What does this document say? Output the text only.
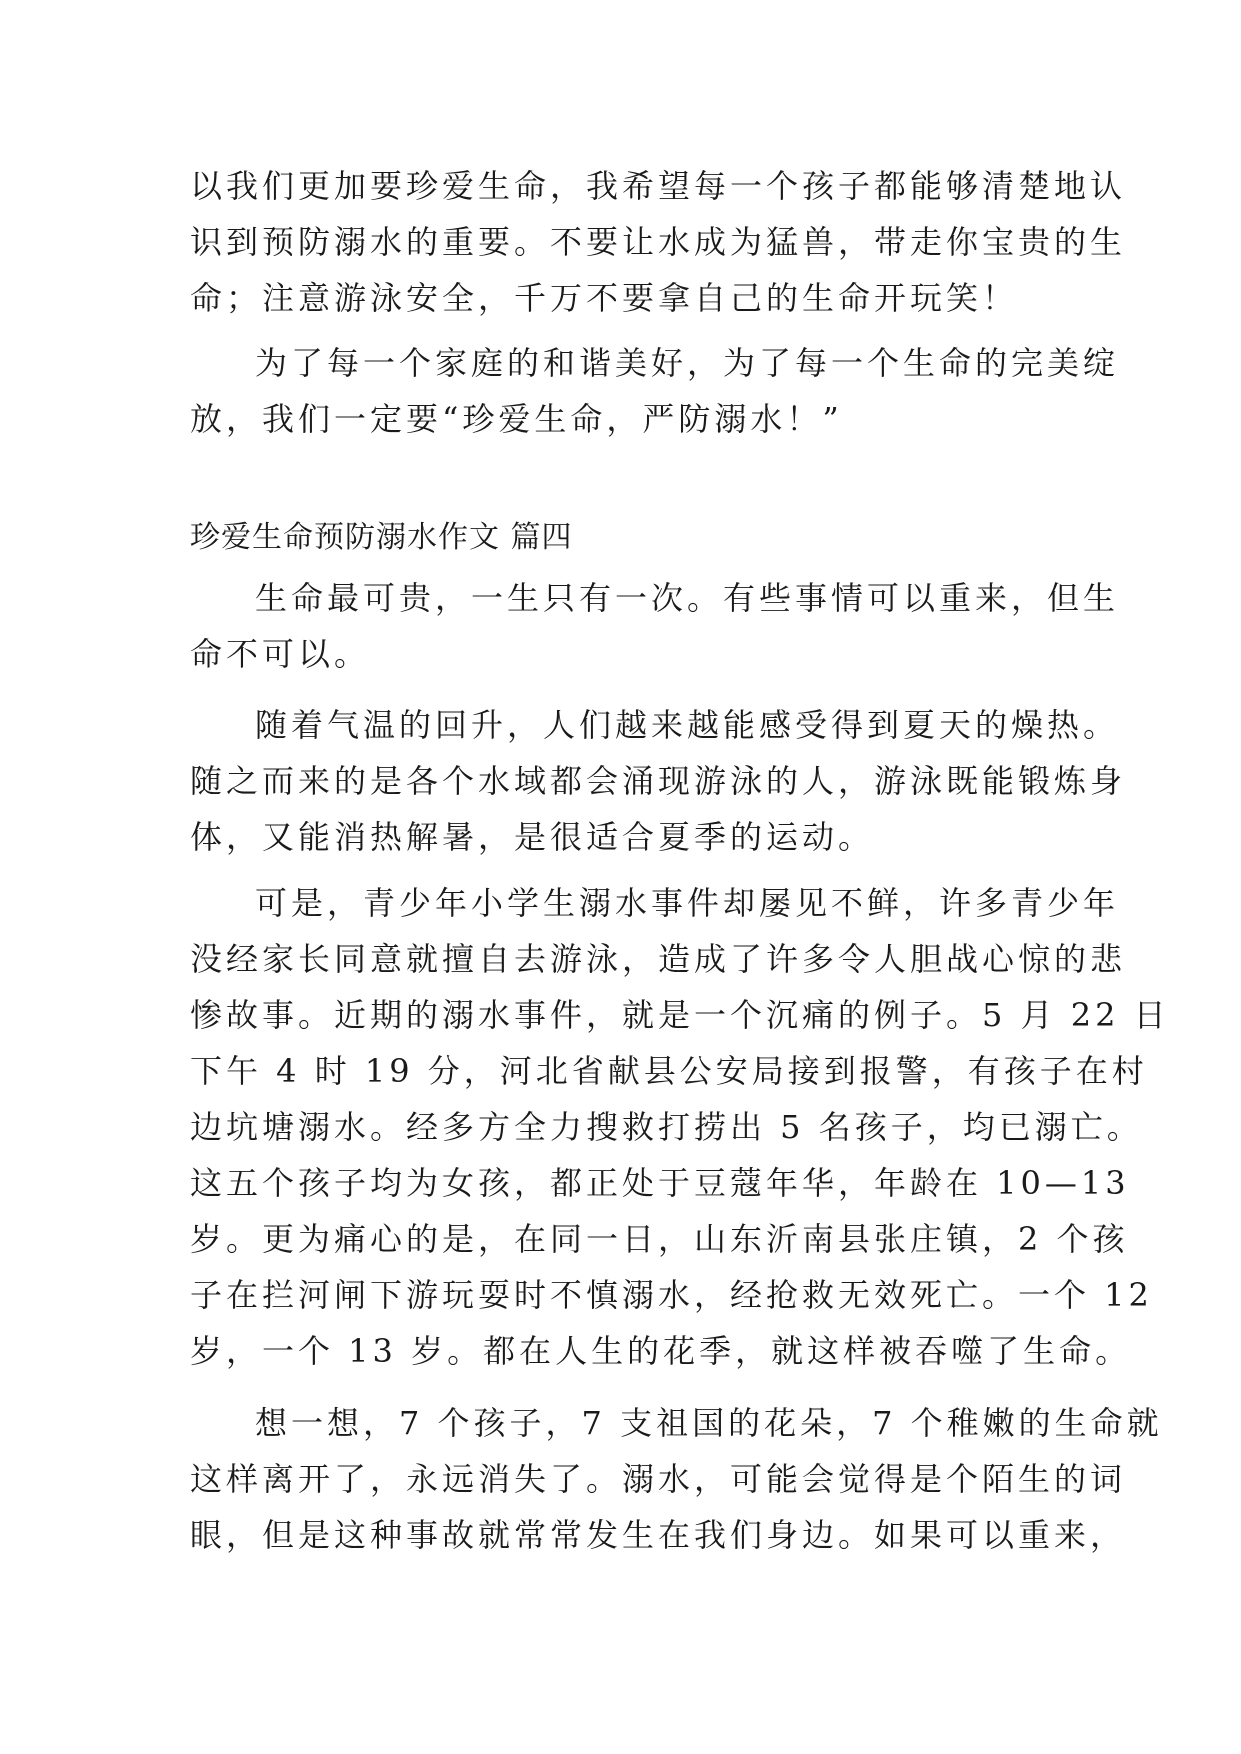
以我们更加要珍爱生命，我希望每一个孩子都能够清楚地认
识到预防溺水的重要。不要让水成为猛兽，带走你宝贵的生
命；注意游泳安全，千万不要拿自己的生命开玩笑！
为了每一个家庭的和谐美好，为了每一个生命的完美绽
放，我们一定要“珍爱生命，严防溺水！”
珍爱生命预防溺水作文 篇四
生命最可贵，一生只有一次。有些事情可以重来，但生
命不可以。
随着气温的回升，人们越来越能感受得到夏天的燥热。
随之而来的是各个水域都会涌现游泳的人，游泳既能锻炼身
体，又能消热解暑，是很适合夏季的运动。
可是，青少年小学生溺水事件却屡见不鲜，许多青少年
没经家长同意就擅自去游泳，造成了许多令人胆战心惊的悲
惨故事。近期的溺水事件，就是一个沉痛的例子。5 月 22 日
下午 4 时 19 分，河北省献县公安局接到报警，有孩子在村
边坑塘溺水。经多方全力搜救打捞出 5 名孩子，均已溺亡。
这五个孩子均为女孩，都正处于豆蔻年华，年龄在 10—13
岁。更为痛心的是，在同一日，山东沂南县张庄镇，2 个孩
子在拦河闸下游玩耍时不慎溺水，经抢救无效死亡。一个 12
岁，一个 13 岁。都在人生的花季，就这样被吞噬了生命。
想一想，7 个孩子，7 支祖国的花朵，7 个稚嫩的生命就
这样离开了，永远消失了。溺水，可能会觉得是个陌生的词
眼，但是这种事故就常常发生在我们身边。如果可以重来，
